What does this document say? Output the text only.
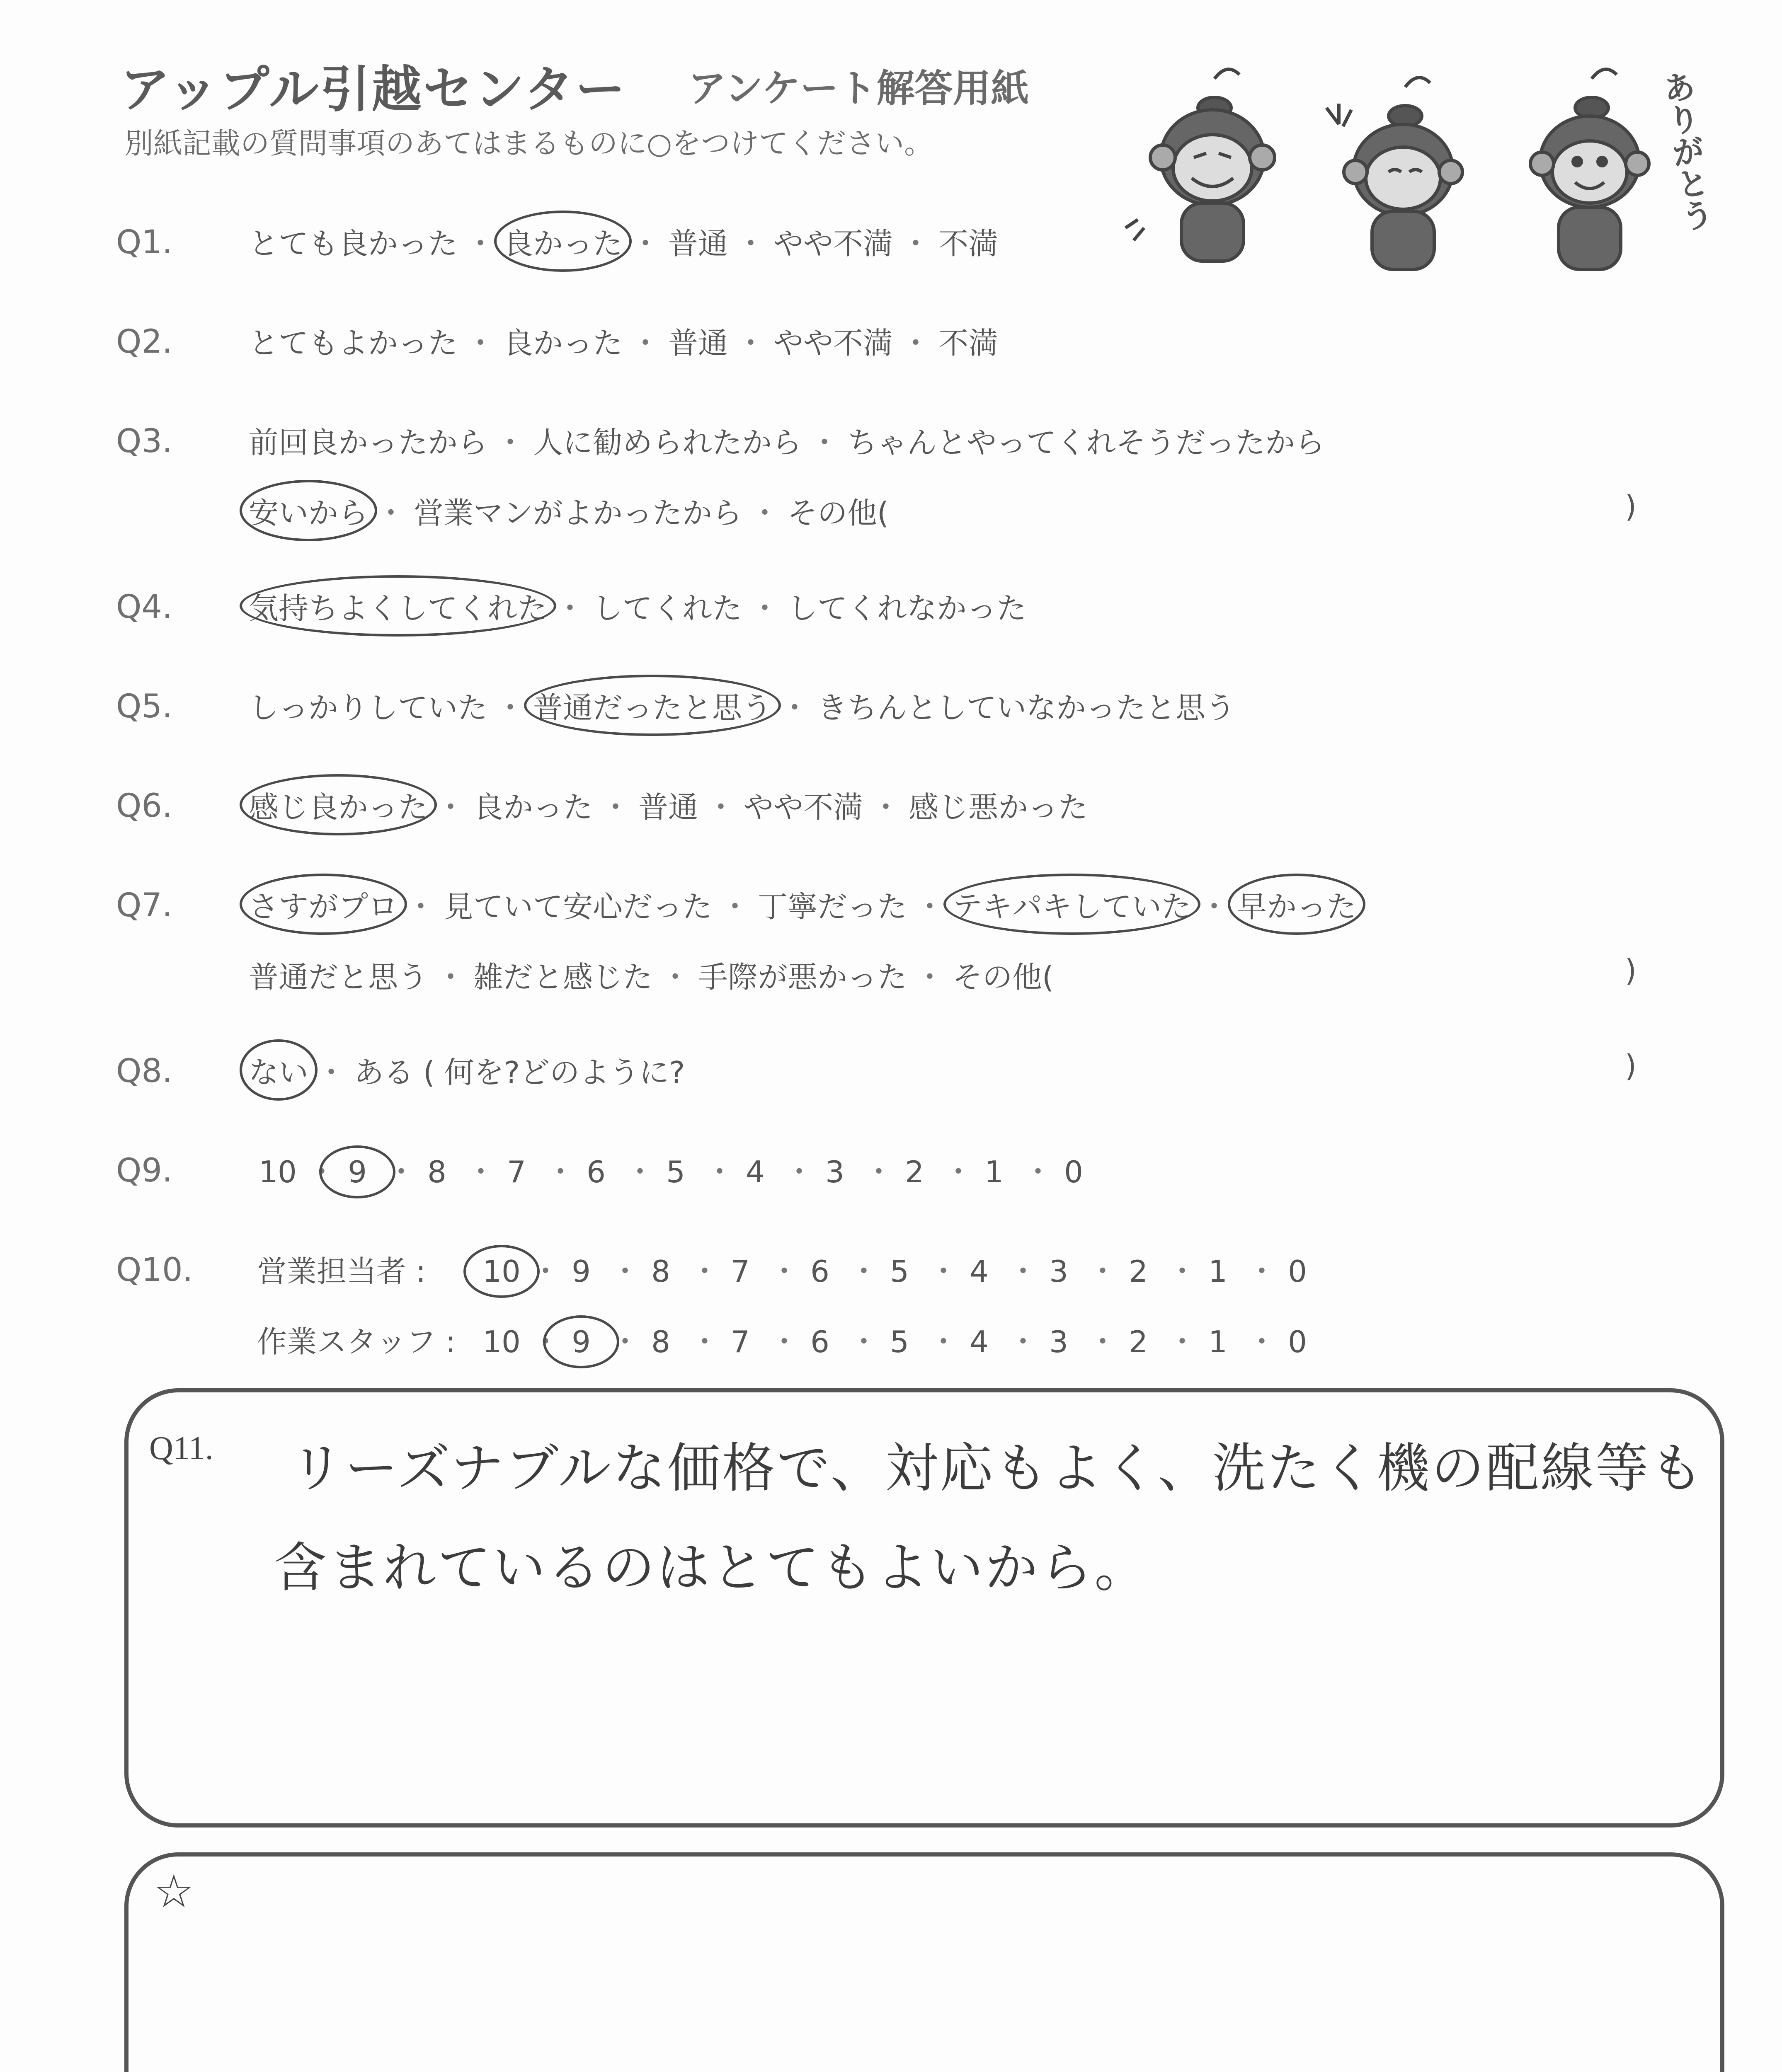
アップル引越センター アンケート解答用紙
別紙記載の質問事項のあてはまるものに○をつけてください。	ありがとう
Q1.	とても良かった ・ 良かった ・ 普通 ・ やや不満 ・ 不満
Q2.	とてもよかった ・ 良かった ・ 普通 ・ やや不満 ・ 不満
Q3.	前回良かったから ・ 人に勧められたから ・ ちゃんとやってくれそうだったから
安いから ・ 営業マンがよかったから ・ その他(	)
Q4.	気持ちよくしてくれた ・ してくれた ・ してくれなかった
Q5.	しっかりしていた ・ 普通だったと思う ・ きちんとしていなかったと思う
Q6.	感じ良かった ・ 良かった ・ 普通 ・ やや不満 ・ 感じ悪かった
Q7.	さすがプロ ・ 見ていて安心だった ・ 丁寧だった ・ テキパキしていた ・ 早かった
普通だと思う ・ 雑だと感じた ・ 手際が悪かった ・ その他(	)
Q8.	ない ・ ある ( 何を?どのように?	)
Q9.	10 ・ 9 ・ 8 ・ 7 ・ 6 ・ 5 ・ 4 ・ 3 ・ 2 ・ 1 ・ 0
Q10. 営業担当者 :	10 ・ 9 ・ 8 ・ 7 ・ 6 ・ 5 ・ 4 ・ 3 ・ 2 ・ 1 ・ 0
作業スタッフ : 10 ・ 9 ・ 8 ・ 7 ・ 6 ・ 5 ・ 4 ・ 3 ・ 2 ・ 1 ・ 0
Q11. リーズナブルな価格で、対応もよく、洗たく機の配線等も
含まれているのはとてもよいから。
☆
